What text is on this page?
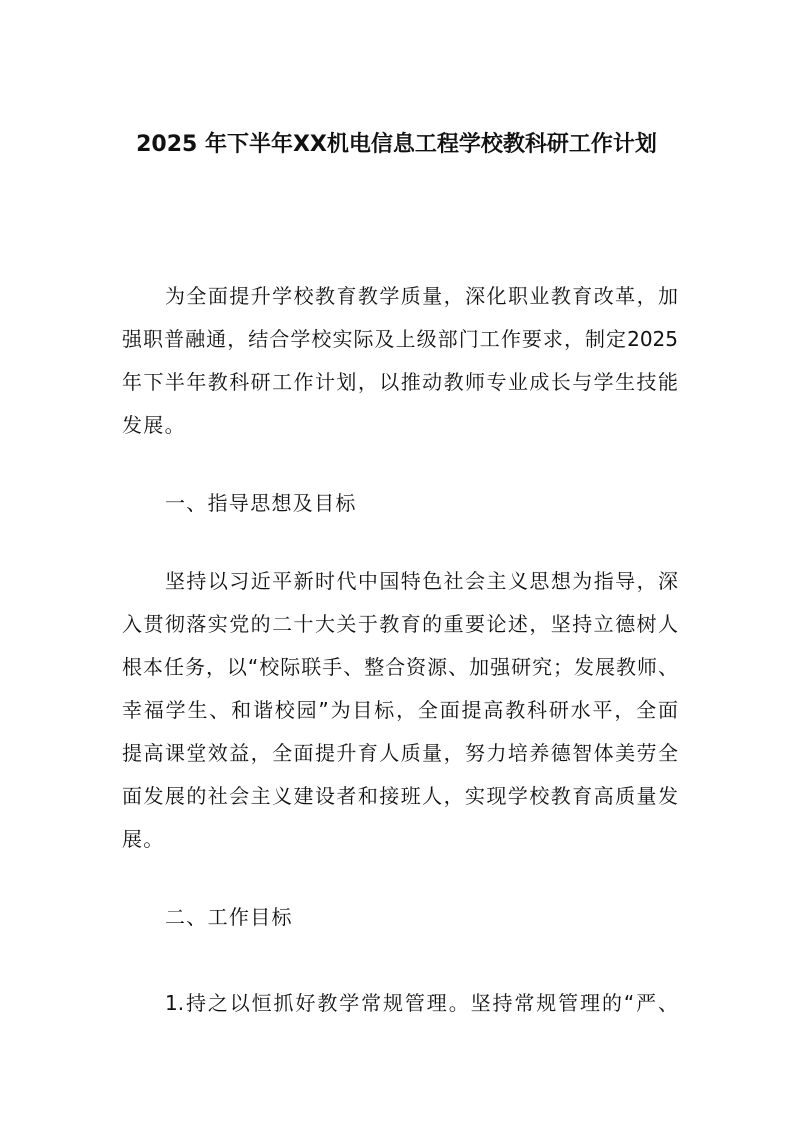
2025 年下半年XX机电信息工程学校教科研工作计划
为全面提升学校教育教学质量，深化职业教育改革，加
强职普融通，结合学校实际及上级部门工作要求，制定2025
年下半年教科研工作计划，以推动教师专业成长与学生技能
发展。
一、指导思想及目标
坚持以习近平新时代中国特色社会主义思想为指导，深
入贯彻落实党的二十大关于教育的重要论述，坚持立德树人
根本任务，以“校际联手、整合资源、加强研究；发展教师、
幸福学生、和谐校园”为目标，全面提高教科研水平，全面
提高课堂效益，全面提升育人质量，努力培养德智体美劳全
面发展的社会主义建设者和接班人，实现学校教育高质量发
展。
二、工作目标
1.持之以恒抓好教学常规管理。坚持常规管理的“严、
